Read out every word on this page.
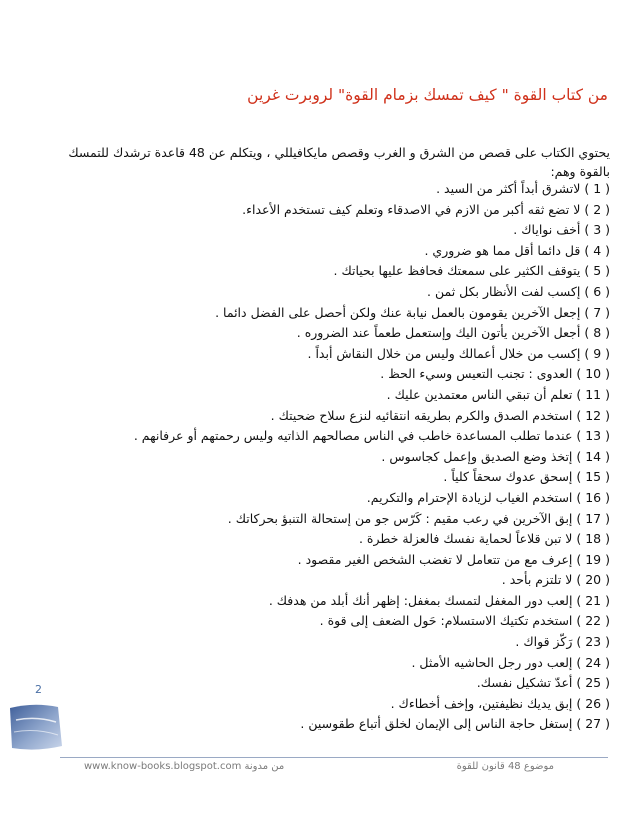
من كتاب القوة " كيف تمسك بزمام القوة" لروبرت غرين
يحتوي الكتاب على قصص من الشرق و الغرب وقصص مايكافيللي ، ويتكلم عن 48 قاعدة ترشدك للتمسك بالقوة وهم:
( 1 ) لاتشرق أبداً أكثر من السيد .
( 2 ) لا تضع ثقه أكبر من الازم في الاصدقاء وتعلم كيف تستخدم الأعداء.
( 3 ) أخف نواياك .
( 4 ) قل دائما أقل مما هو ضروري .
( 5 ) يتوقف الكثير على سمعتك فحافظ عليها بحياتك .
( 6 ) إكسب لفت الأنظار بكل ثمن .
( 7 ) إجعل الآخرين يقومون بالعمل نيابة عنك ولكن أحصل على الفضل دائما .
( 8 ) أجعل الآخرين يأتون اليك وإستعمل طعماً عند الضروره .
( 9 ) إكسب من خلال أعمالك وليس من خلال النقاش أبداً .
( 10 ) العدوى : تجنب التعيس وسيء الحظ .
( 11 ) تعلم أن تبقي الناس معتمدين عليك .
( 12 ) استخدم الصدق والكرم بطريقه انتقائيه لنزع سلاح ضحيتك .
( 13 ) عندما تطلب المساعدة خاطب في الناس مصالحهم الذاتيه وليس رحمتهم أو عرفانهم .
( 14 ) إتخذ وضع الصديق وإعمل كجاسوس .
( 15 ) إسحق عدوك سحقاً كلياً .
( 16 ) استخدم الغياب لزيادة الإحترام والتكريم.
( 17 ) إبق الآخرين في رعب مقيم : كَرّس جو من إستحالة التنبؤ بحركاتك .
( 18 ) لا تبن قلاعاً لحماية نفسك فالعزلة خطرة .
( 19 ) إعرف مع من تتعامل لا تغضب الشخص الغير مقصود .
( 20 ) لا تلتزم بأحد .
( 21 ) إلعب دور المغفل لتمسك بمغفل: إظهر أنك أبلد من هدفك .
( 22 ) استخدم تكتيك الاستسلام: حَول الضعف إلى قوة .
( 23 ) رَكّز قواك .
( 24 ) إلعب دور رجل الحاشيه الأمثل .
( 25 ) أعدّ تشكيل نفسك.
( 26 ) إبق يديك نظيفتين، وإخف أخطاءك .
( 27 ) إستغل حاجة الناس إلى الإيمان لخلق أتباع طقوسين .
2
www.know-books.blogspot.com من مدونة	موضوع 48 قانون للقوة
